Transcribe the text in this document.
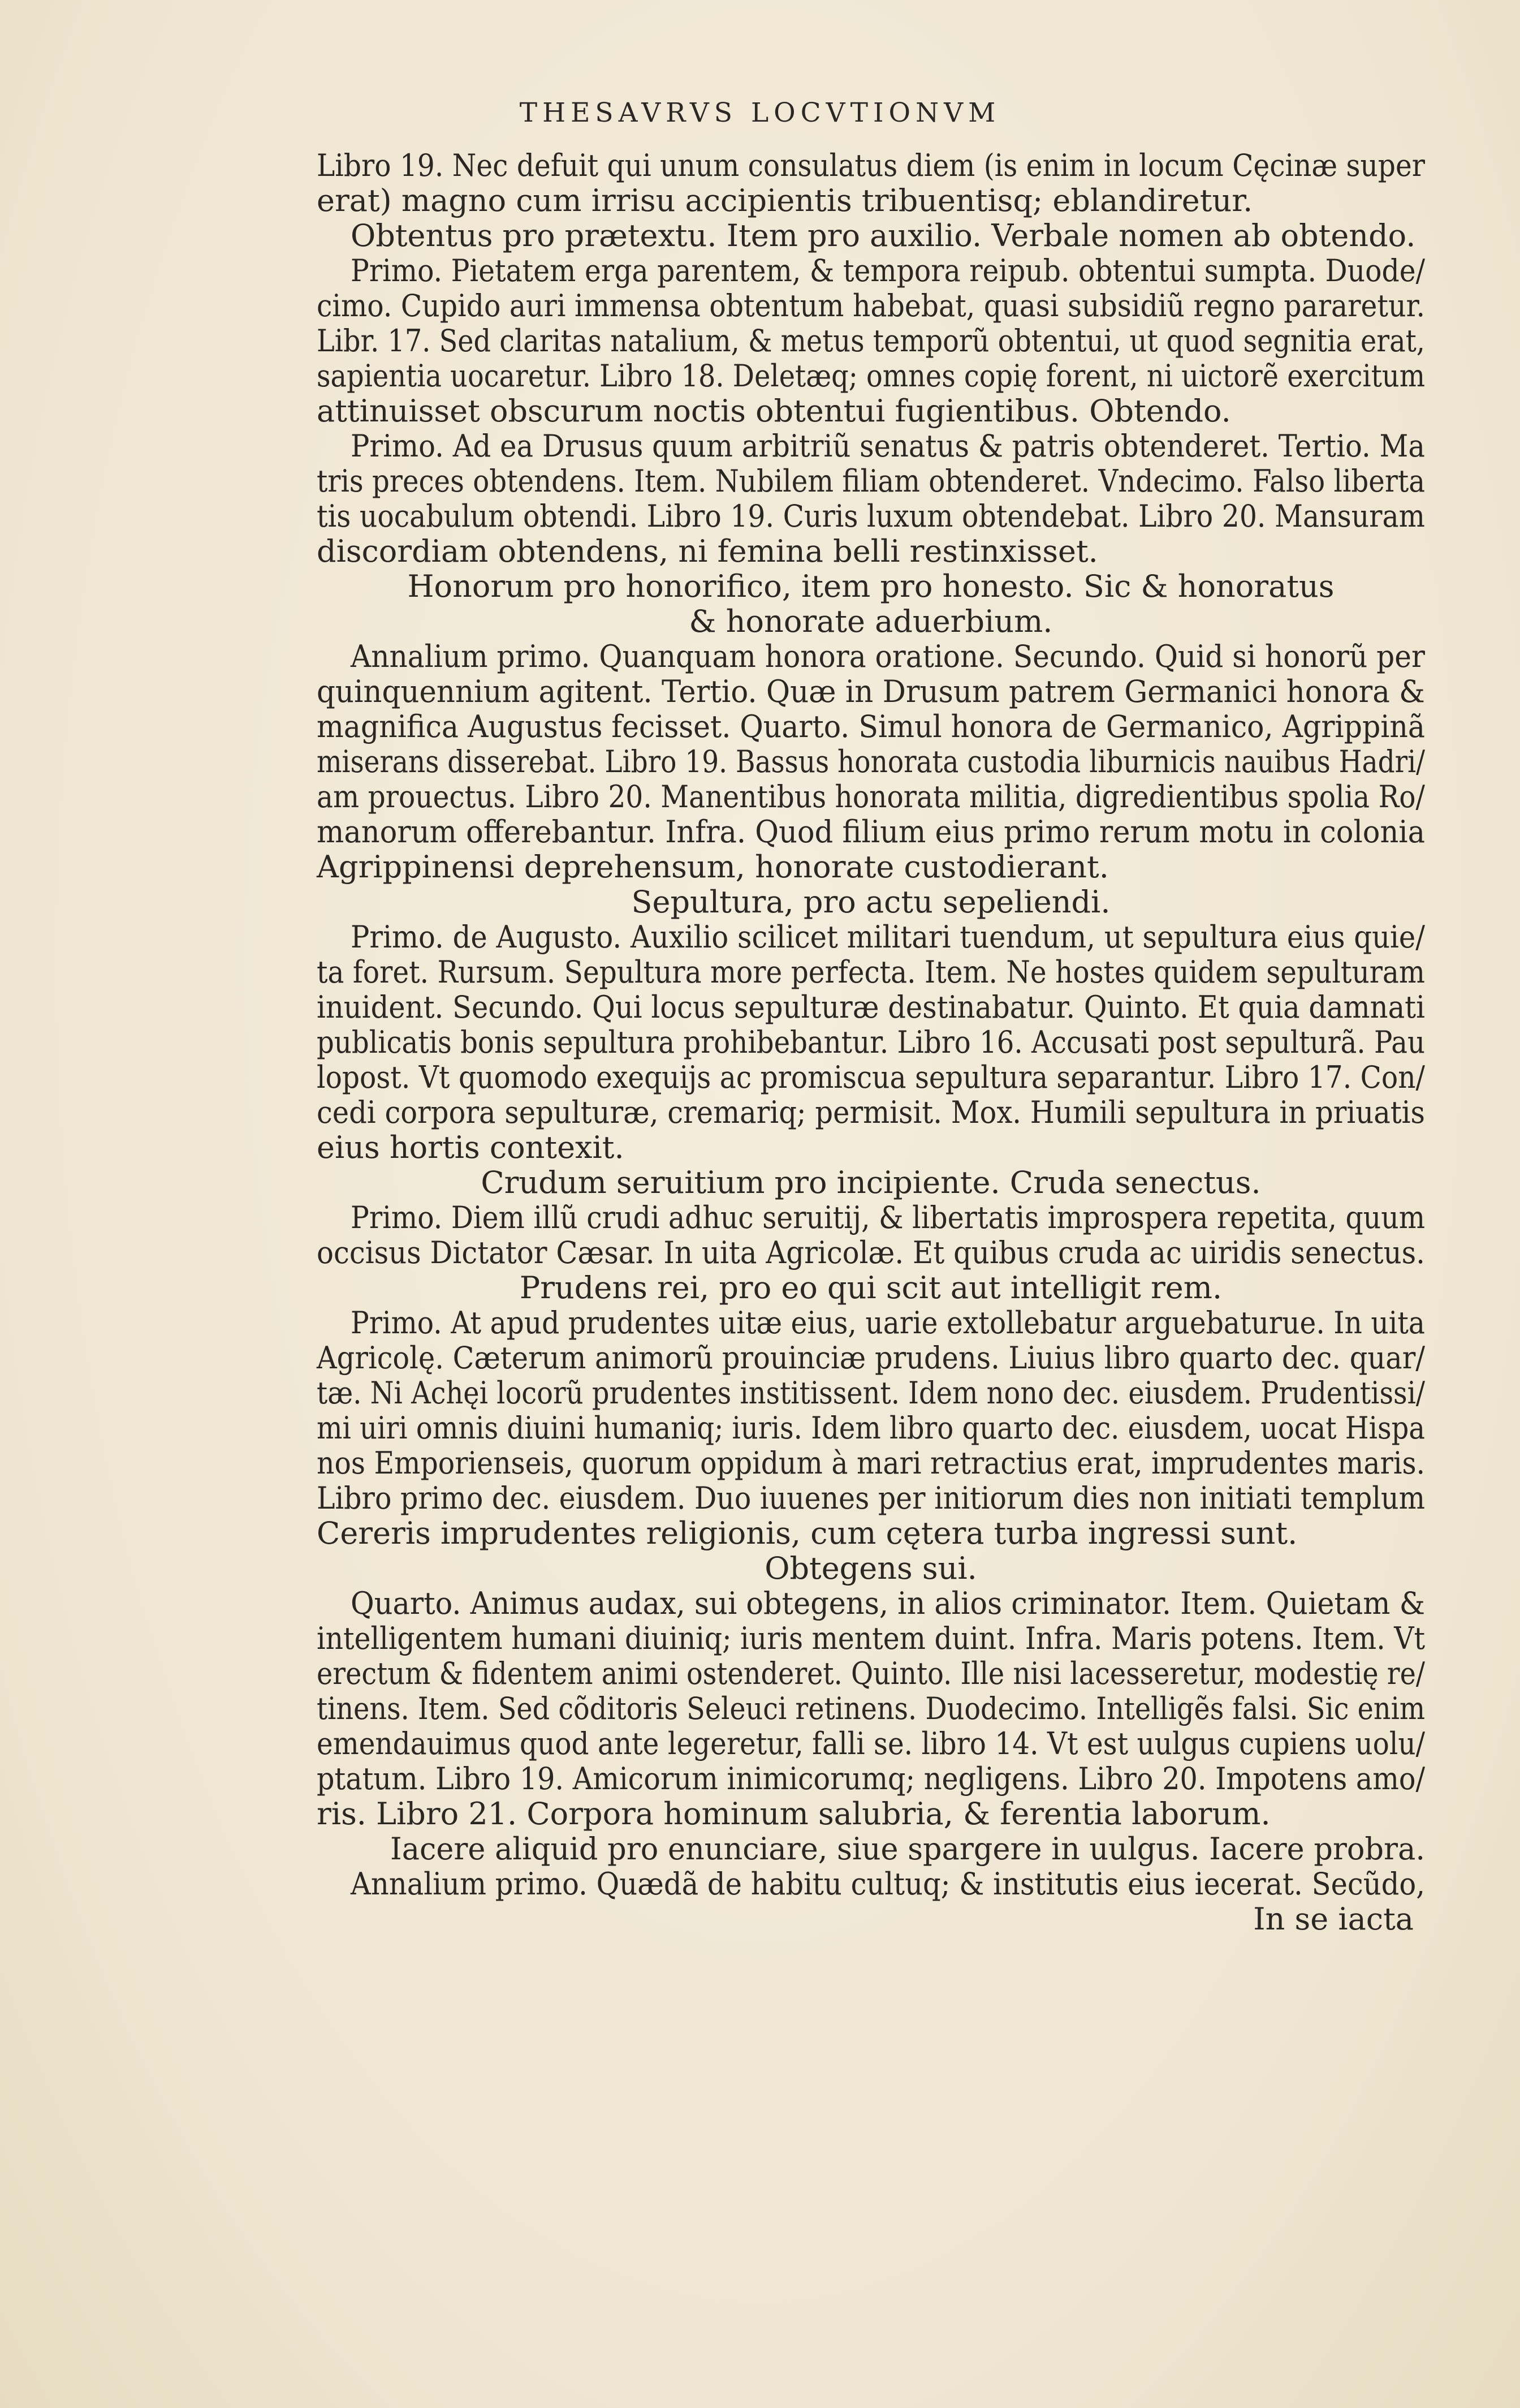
THESAVRVS LOCVTIONVM
Libro 19. Nec defuit qui unum consulatus diem (is enim in locum Cęcinæ super
erat) magno cum irrisu accipientis tribuentisq; eblandiretur.
Obtentus pro prætextu. Item pro auxilio. Verbale nomen ab obtendo.
Primo. Pietatem erga parentem, & tempora reipub. obtentui sumpta. Duode/
cimo. Cupido auri immensa obtentum habebat, quasi subsidiũ regno pararetur.
Libr. 17. Sed claritas natalium, & metus temporũ obtentui, ut quod segnitia erat,
sapientia uocaretur. Libro 18. Deletæq; omnes copię forent, ni uictorẽ exercitum
attinuisset obscurum noctis obtentui fugientibus. Obtendo.
Primo. Ad ea Drusus quum arbitriũ senatus & patris obtenderet. Tertio. Ma
tris preces obtendens. Item. Nubilem filiam obtenderet. Vndecimo. Falso liberta
tis uocabulum obtendi. Libro 19. Curis luxum obtendebat. Libro 20. Mansuram
discordiam obtendens, ni femina belli restinxisset.
Honorum pro honorifico, item pro honesto. Sic & honoratus
& honorate aduerbium.
Annalium primo. Quanquam honora oratione. Secundo. Quid si honorũ per
quinquennium agitent. Tertio. Quæ in Drusum patrem Germanici honora &
magnifica Augustus fecisset. Quarto. Simul honora de Germanico, Agrippinã
miserans disserebat. Libro 19. Bassus honorata custodia liburnicis nauibus Hadri/
am prouectus. Libro 20. Manentibus honorata militia, digredientibus spolia Ro/
manorum offerebantur. Infra. Quod filium eius primo rerum motu in colonia
Agrippinensi deprehensum, honorate custodierant.
Sepultura, pro actu sepeliendi.
Primo. de Augusto. Auxilio scilicet militari tuendum, ut sepultura eius quie/
ta foret. Rursum. Sepultura more perfecta. Item. Ne hostes quidem sepulturam
inuident. Secundo. Qui locus sepulturæ destinabatur. Quinto. Et quia damnati
publicatis bonis sepultura prohibebantur. Libro 16. Accusati post sepulturã. Pau
lopost. Vt quomodo exequijs ac promiscua sepultura separantur. Libro 17. Con/
cedi corpora sepulturæ, cremariq; permisit. Mox. Humili sepultura in priuatis
eius hortis contexit.
Crudum seruitium pro incipiente. Cruda senectus.
Primo. Diem illũ crudi adhuc seruitij, & libertatis improspera repetita, quum
occisus Dictator Cæsar. In uita Agricolæ. Et quibus cruda ac uiridis senectus.
Prudens rei, pro eo qui scit aut intelligit rem.
Primo. At apud prudentes uitæ eius, uarie extollebatur arguebaturue. In uita
Agricolę. Cæterum animorũ prouinciæ prudens. Liuius libro quarto dec. quar/
tæ. Ni Achęi locorũ prudentes institissent. Idem nono dec. eiusdem. Prudentissi/
mi uiri omnis diuini humaniq; iuris. Idem libro quarto dec. eiusdem, uocat Hispa
nos Emporienseis, quorum oppidum à mari retractius erat, imprudentes maris.
Libro primo dec. eiusdem. Duo iuuenes per initiorum dies non initiati templum
Cereris imprudentes religionis, cum cętera turba ingressi sunt.
Obtegens sui.
Quarto. Animus audax, sui obtegens, in alios criminator. Item. Quietam &
intelligentem humani diuiniq; iuris mentem duint. Infra. Maris potens. Item. Vt
erectum & fidentem animi ostenderet. Quinto. Ille nisi lacesseretur, modestię re/
tinens. Item. Sed cõditoris Seleuci retinens. Duodecimo. Intelligẽs falsi. Sic enim
emendauimus quod ante legeretur, falli se. libro 14. Vt est uulgus cupiens uolu/
ptatum. Libro 19. Amicorum inimicorumq; negligens. Libro 20. Impotens amo/
ris. Libro 21. Corpora hominum salubria, & ferentia laborum.
Iacere aliquid pro enunciare, siue spargere in uulgus. Iacere probra.
Annalium primo. Quædã de habitu cultuq; & institutis eius iecerat. Secũdo,
In se iacta
